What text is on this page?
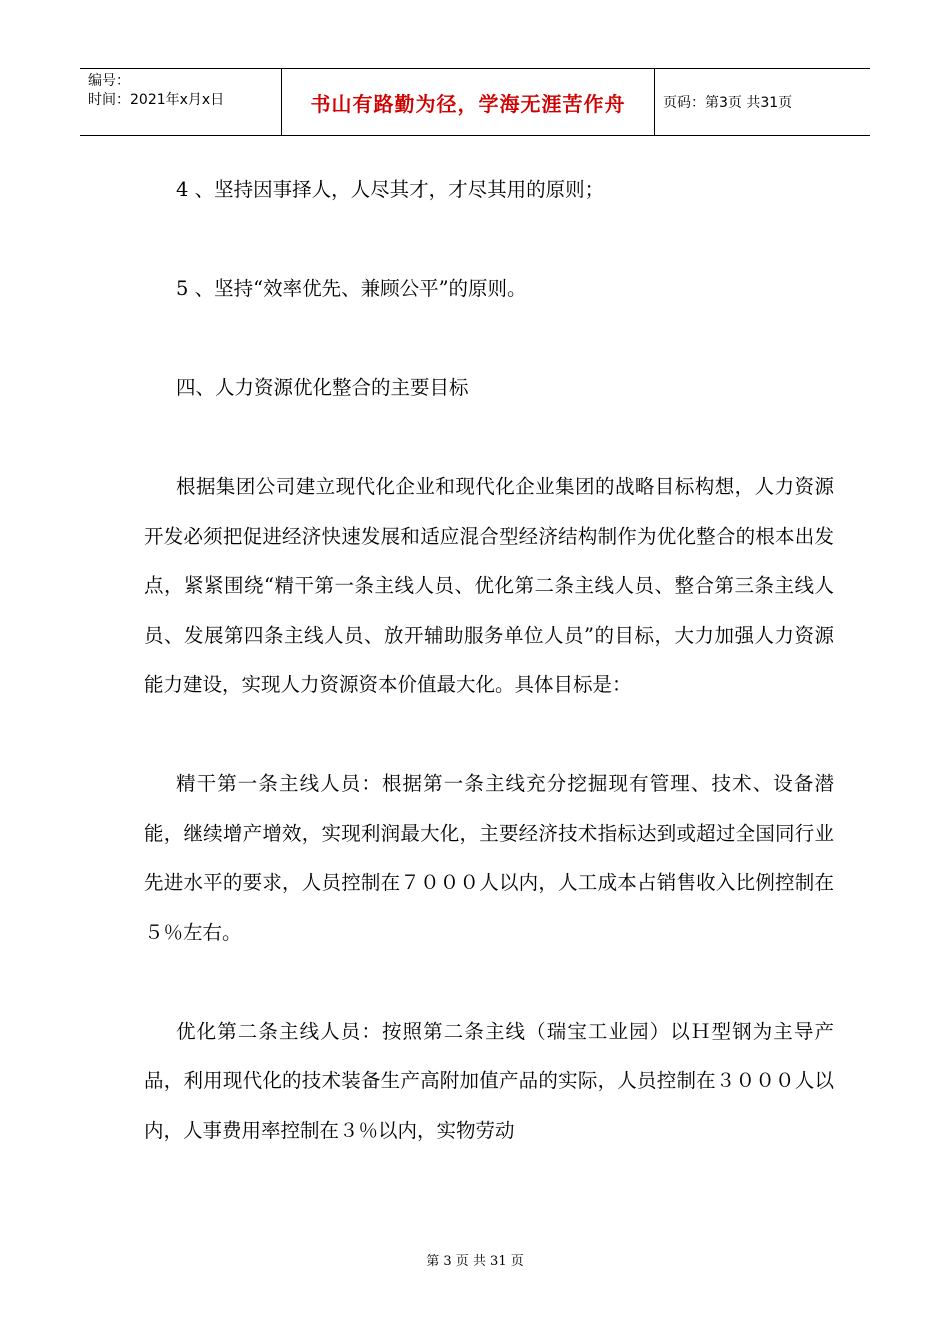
编号：
时间：2021年x月x日	书山有路勤为径，学海无涯苦作舟	页码：第3页 共31页

4 、坚持因事择人，人尽其才，才尽其用的原则；

5 、坚持“效率优先、兼顾公平”的原则。

四、人力资源优化整合的主要目标

根据集团公司建立现代化企业和现代化企业集团的战略目标构想，人力资源开发必须把促进经济快速发展和适应混合型经济结构制作为优化整合的根本出发点，紧紧围绕“精干第一条主线人员、优化第二条主线人员、整合第三条主线人员、发展第四条主线人员、放开辅助服务单位人员”的目标，大力加强人力资源能力建设，实现人力资源资本价值最大化。具体目标是：

精干第一条主线人员：根据第一条主线充分挖掘现有管理、技术、设备潜能，继续增产增效，实现利润最大化，主要经济技术指标达到或超过全国同行业先进水平的要求，人员控制在７０００人以内，人工成本占销售收入比例控制在５％左右。

优化第二条主线人员：按照第二条主线（瑞宝工业园）以Ｈ型钢为主导产品，利用现代化的技术装备生产高附加值产品的实际，人员控制在３０００人以内，人事费用率控制在３％以内，实物劳动

第 3 页 共 31 页
